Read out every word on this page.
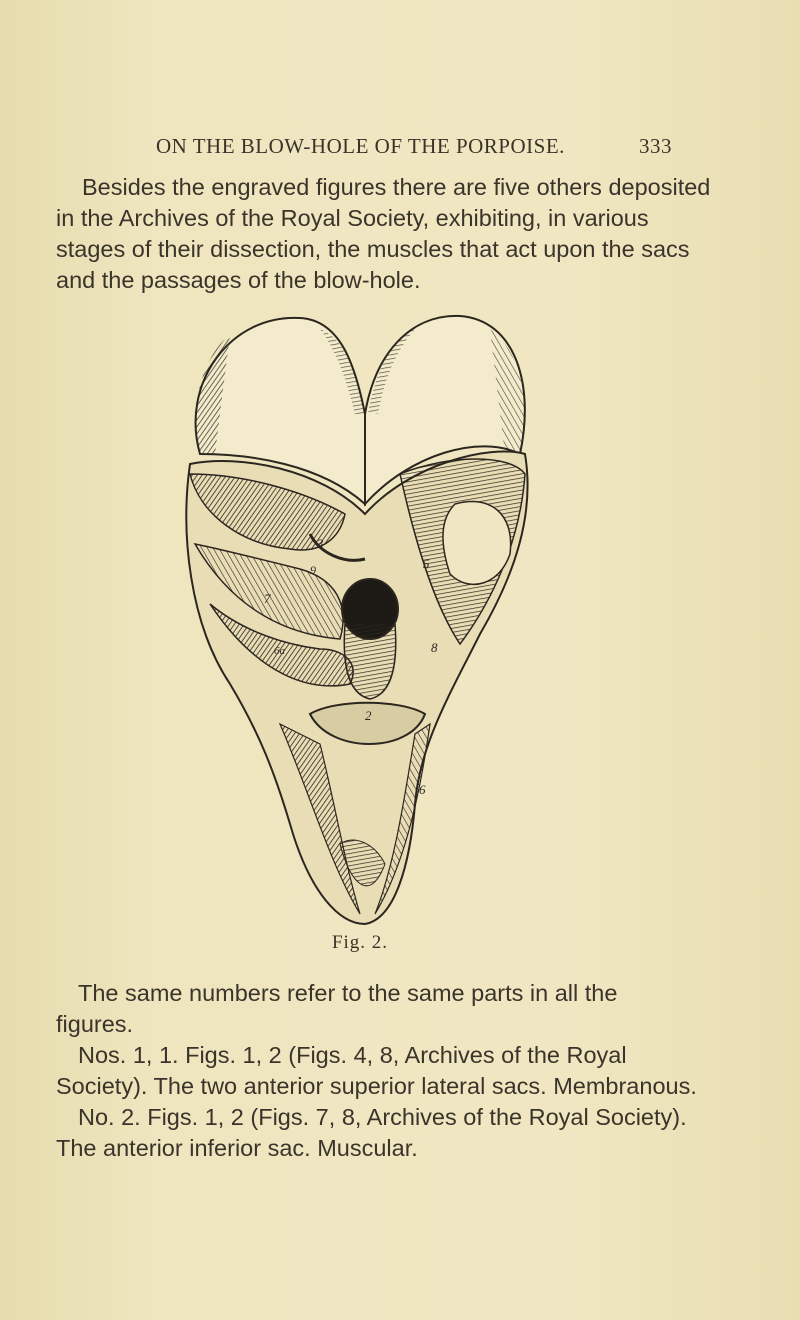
ON THE BLOW-HOLE OF THE PORPOISE.	333
Besides the engraved figures there are five others deposited
in the Archives of the Royal Society, exhibiting, in various
stages of their dissection, the muscles that act upon the sacs
and the passages of the blow-hole.
3
9	5
7
6a	8
2
6
Fig. 2.
The same numbers refer to the same parts in all the
figures.
Nos. 1, 1. Figs. 1, 2 (Figs. 4, 8, Archives of the Royal
Society). The two anterior superior lateral sacs. Membranous.
No. 2. Figs. 1, 2 (Figs. 7, 8, Archives of the Royal Society).
The anterior inferior sac. Muscular.
